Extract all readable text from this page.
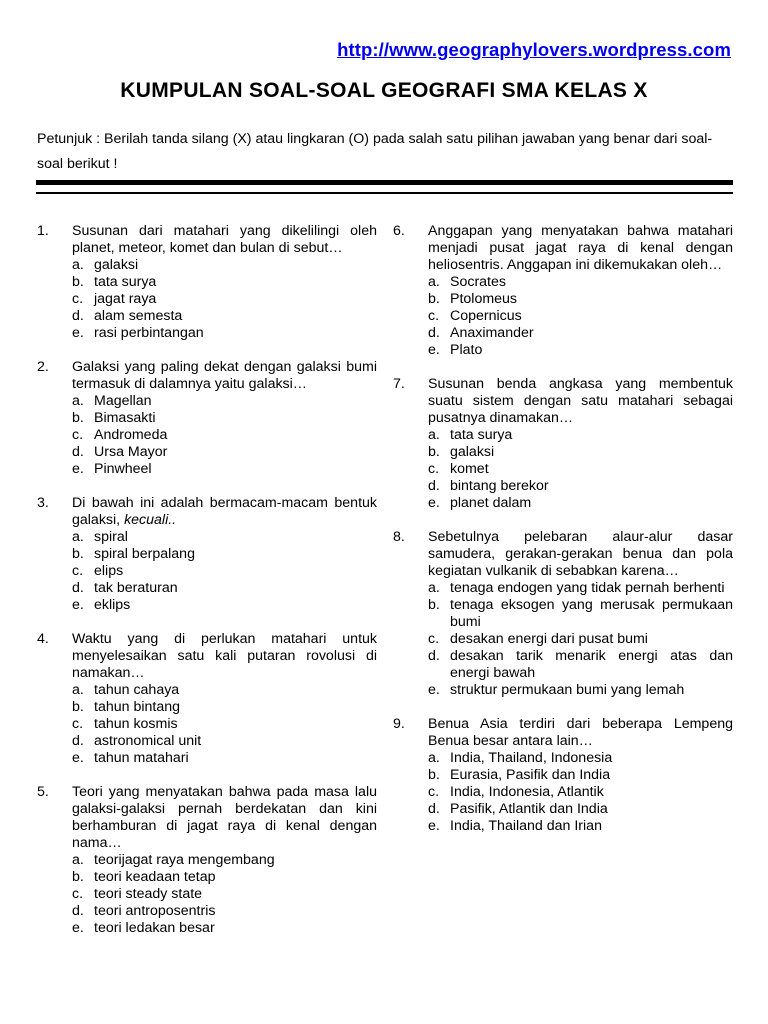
http://www.geographylovers.wordpress.com
KUMPULAN SOAL-SOAL GEOGRAFI SMA KELAS X
Petunjuk : Berilah tanda silang (X) atau lingkaran (O) pada salah satu pilihan jawaban yang benar dari soal-soal berikut !
1. Susunan dari matahari yang dikelilingi oleh planet, meteor, komet dan bulan di sebut…
a. galaksi
b. tata surya
c. jagat raya
d. alam semesta
e. rasi perbintangan
2. Galaksi yang paling dekat dengan galaksi bumi termasuk di dalamnya yaitu galaksi…
a. Magellan
b. Bimasakti
c. Andromeda
d. Ursa Mayor
e. Pinwheel
3. Di bawah ini adalah bermacam-macam bentuk galaksi, kecuali..
a. spiral
b. spiral berpalang
c. elips
d. tak beraturan
e. eklips
4. Waktu yang di perlukan matahari untuk menyelesaikan satu kali putaran rovolusi di namakan…
a. tahun cahaya
b. tahun bintang
c. tahun kosmis
d. astronomical unit
e. tahun matahari
5. Teori yang menyatakan bahwa pada masa lalu galaksi-galaksi pernah berdekatan dan kini berhamburan di jagat raya di kenal dengan nama…
a. teorijagat raya mengembang
b. teori keadaan tetap
c. teori steady state
d. teori antroposentris
e. teori ledakan besar
6. Anggapan yang menyatakan bahwa matahari menjadi pusat jagat raya di kenal dengan heliosentris. Anggapan ini dikemukakan oleh…
a. Socrates
b. Ptolomeus
c. Copernicus
d. Anaximander
e. Plato
7. Susunan benda angkasa yang membentuk suatu sistem dengan satu matahari sebagai pusatnya dinamakan…
a. tata surya
b. galaksi
c. komet
d. bintang berekor
e. planet dalam
8. Sebetulnya pelebaran alaur-alur dasar samudera, gerakan-gerakan benua dan pola kegiatan vulkanik di sebabkan karena…
a. tenaga endogen yang tidak pernah berhenti
b. tenaga eksogen yang merusak permukaan bumi
c. desakan energi dari pusat bumi
d. desakan tarik menarik energi atas dan energi bawah
e. struktur permukaan bumi yang lemah
9. Benua Asia terdiri dari beberapa Lempeng Benua besar antara lain…
a. India, Thailand, Indonesia
b. Eurasia, Pasifik dan India
c. India, Indonesia, Atlantik
d. Pasifik, Atlantik dan India
e. India, Thailand dan Irian
